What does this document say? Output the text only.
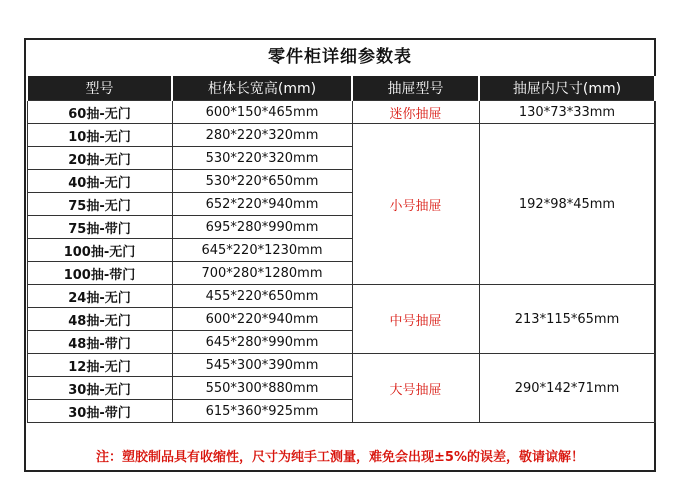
零件柜详细参数表
型号	柜体长宽高(mm)	抽屉型号	抽屉内尺寸(mm)
60抽-无门	600*150*465mm	迷你抽屉	130*73*33mm
10抽-无门	280*220*320mm	小号抽屉	192*98*45mm
20抽-无门	530*220*320mm		
40抽-无门	530*220*650mm		
75抽-无门	652*220*940mm		
75抽-带门	695*280*990mm		
100抽-无门	645*220*1230mm		
100抽-带门	700*280*1280mm		
24抽-无门	455*220*650mm	中号抽屉	213*115*65mm
48抽-无门	600*220*940mm		
48抽-带门	645*280*990mm		
12抽-无门	545*300*390mm	大号抽屉	290*142*71mm
30抽-无门	550*300*880mm		
30抽-带门	615*360*925mm		
注：塑胶制品具有收缩性，尺寸为纯手工测量，难免会出现±5%的误差，敬请谅解！
